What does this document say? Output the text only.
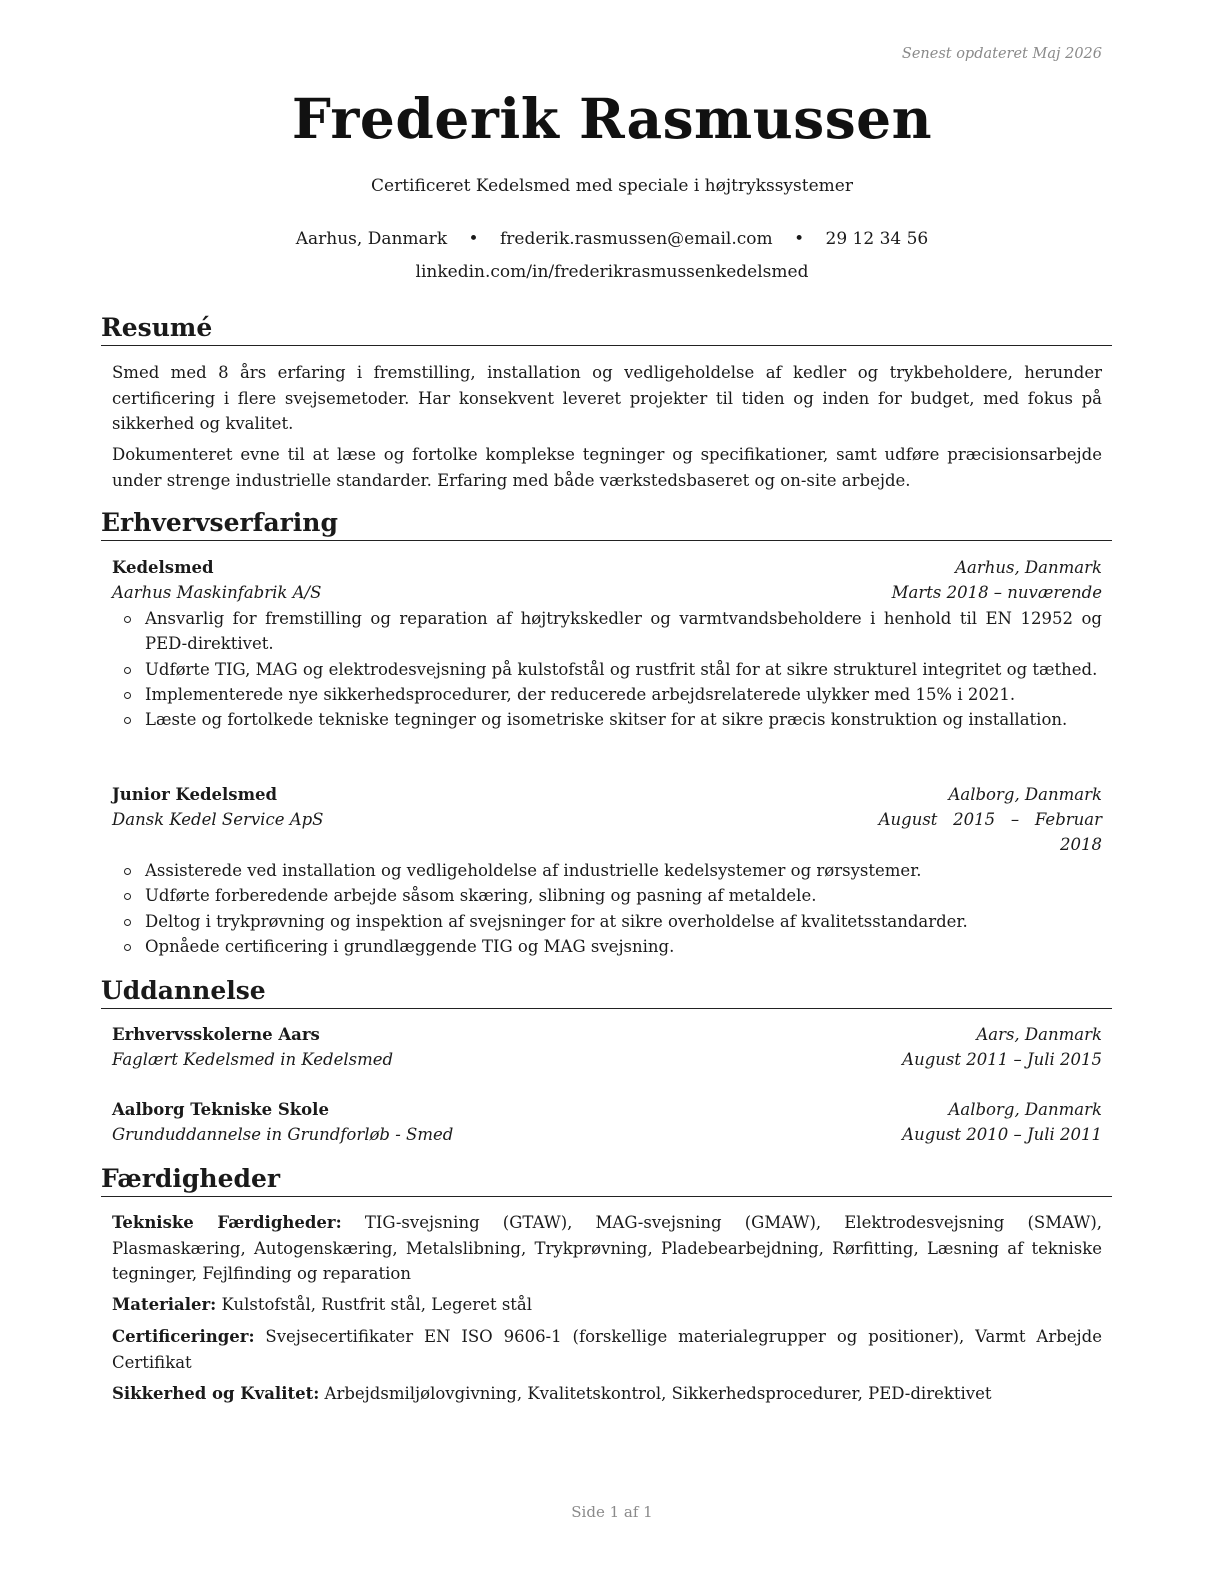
Senest opdateret Maj 2026
Frederik Rasmussen
Certificeret Kedelsmed med speciale i højtrykssystemer
Aarhus, Danmark • frederik.rasmussen@email.com • 29 12 34 56
linkedin.com/in/frederikrasmussenkedelsmed
Resumé
Smed med 8 års erfaring i fremstilling, installation og vedligeholdelse af kedler og trykbeholdere, herunder certificering i flere svejsemetoder. Har konsekvent leveret projekter til tiden og inden for budget, med fokus på sikkerhed og kvalitet.
Dokumenteret evne til at læse og fortolke komplekse tegninger og specifikationer, samt udføre præcisionsarbejde under strenge industrielle standarder. Erfaring med både værkstedsbaseret og on-site arbejde.
Erhvervserfaring
Kedelsmed	Aarhus, Danmark
Aarhus Maskinfabrik A/S	Marts 2018 – nuværende
Ansvarlig for fremstilling og reparation af højtrykskedler og varmtvandsbeholdere i henhold til EN 12952 og PED-direktivet.
Udførte TIG, MAG og elektrodesvejsning på kulstofstål og rustfrit stål for at sikre strukturel integritet og tæthed.
Implementerede nye sikkerhedsprocedurer, der reducerede arbejdsrelaterede ulykker med 15% i 2021.
Læste og fortolkede tekniske tegninger og isometriske skitser for at sikre præcis konstruktion og installation.
Junior Kedelsmed	Aalborg, Danmark
Dansk Kedel Service ApS	August   2015   –   Februar
2018
Assisterede ved installation og vedligeholdelse af industrielle kedelsystemer og rørsystemer.
Udførte forberedende arbejde såsom skæring, slibning og pasning af metaldele.
Deltog i trykprøvning og inspektion af svejsninger for at sikre overholdelse af kvalitetsstandarder.
Opnåede certificering i grundlæggende TIG og MAG svejsning.
Uddannelse
Erhvervsskolerne Aars	Aars, Danmark
Faglært Kedelsmed in Kedelsmed	August 2011 – Juli 2015
Aalborg Tekniske Skole	Aalborg, Danmark
Grunduddannelse in Grundforløb - Smed	August 2010 – Juli 2011
Færdigheder
Tekniske Færdigheder: TIG-svejsning (GTAW), MAG-svejsning (GMAW), Elektrodesvejsning (SMAW), Plasmaskæring, Autogenskæring, Metalslibning, Trykprøvning, Pladebearbejdning, Rørfitting, Læsning af tekniske tegninger, Fejlfinding og reparation
Materialer: Kulstofstål, Rustfrit stål, Legeret stål
Certificeringer: Svejsecertifikater EN ISO 9606-1 (forskellige materialegrupper og positioner), Varmt Arbejde Certifikat
Sikkerhed og Kvalitet: Arbejdsmiljølovgivning, Kvalitetskontrol, Sikkerhedsprocedurer, PED-direktivet
Side 1 af 1
